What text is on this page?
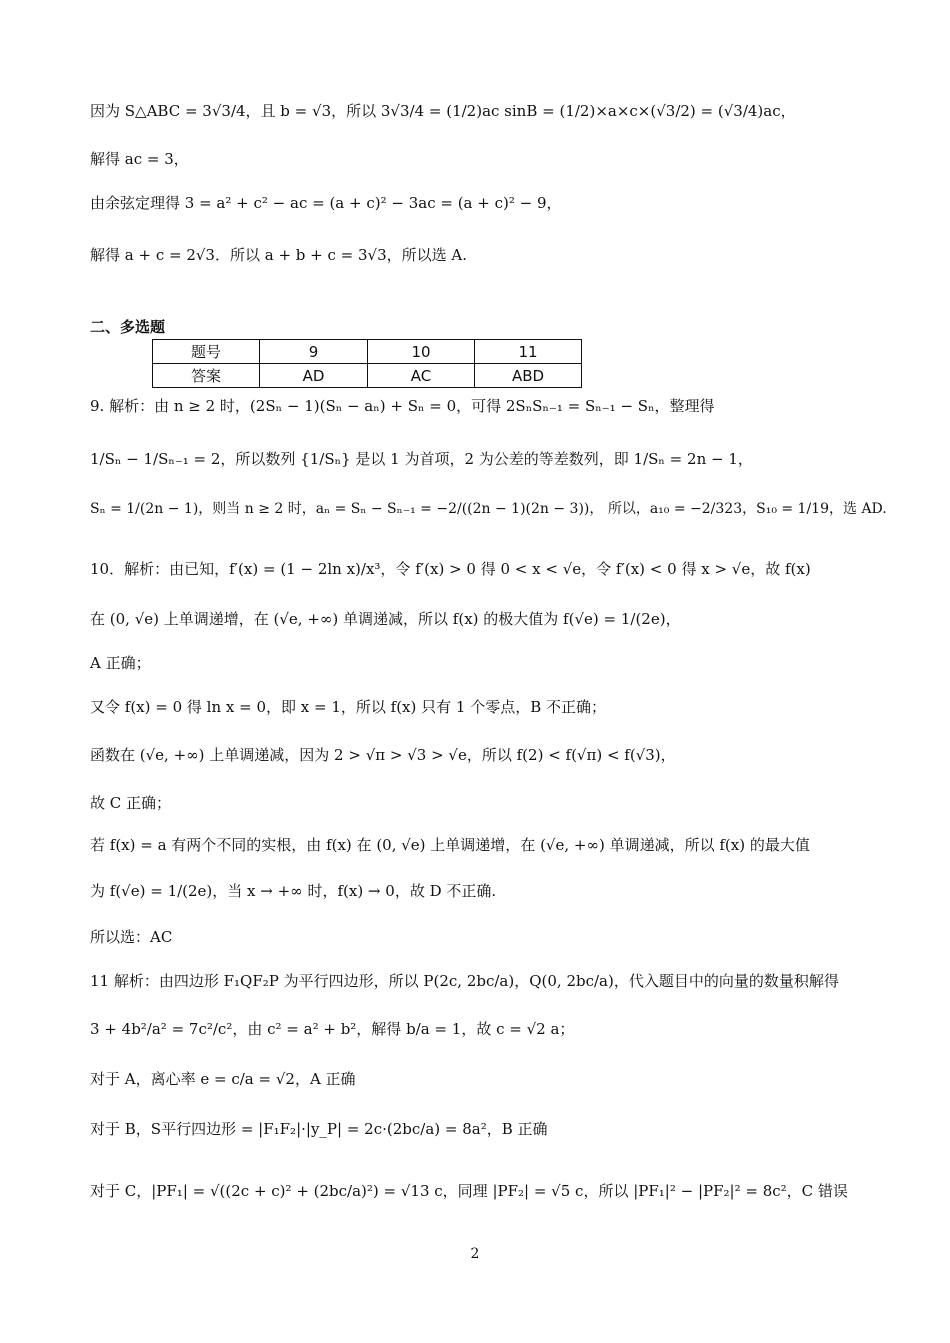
因为 S△ABC = 3√3/4，且 b = √3，所以 3√3/4 = (1/2)ac sinB = (1/2)×a×c×(√3/2) = (√3/4)ac，
解得 ac = 3，
由余弦定理得 3 = a² + c² − ac = (a + c)² − 3ac = (a + c)² − 9，
解得 a + c = 2√3．所以 a + b + c = 3√3，所以选 A.
二、多选题
题号	9	10	11
答案	AD	AC	ABD
9. 解析：由 n ≥ 2 时，(2Sₙ − 1)(Sₙ − aₙ) + Sₙ = 0，可得 2SₙSₙ₋₁ = Sₙ₋₁ − Sₙ，整理得
1/Sₙ − 1/Sₙ₋₁ = 2，所以数列 {1/Sₙ} 是以 1 为首项，2 为公差的等差数列，即 1/Sₙ = 2n − 1，
Sₙ = 1/(2n − 1)，则当 n ≥ 2 时，aₙ = Sₙ − Sₙ₋₁ = −2/((2n − 1)(2n − 3))， 所以，a₁₀ = −2/323，S₁₀ = 1/19，选 AD.
10．解析：由已知，f′(x) = (1 − 2ln x)/x³，令 f′(x) > 0 得 0 < x < √e，令 f′(x) < 0 得 x > √e，故 f(x)
在 (0, √e) 上单调递增，在 (√e, +∞) 单调递减，所以 f(x) 的极大值为 f(√e) = 1/(2e)，
A 正确；
又令 f(x) = 0 得 ln x = 0，即 x = 1，所以 f(x) 只有 1 个零点，B 不正确；
函数在 (√e, +∞) 上单调递减，因为 2 > √π > √3 > √e，所以 f(2) < f(√π) < f(√3)，
故 C 正确；
若 f(x) = a 有两个不同的实根，由 f(x) 在 (0, √e) 上单调递增，在 (√e, +∞) 单调递减，所以 f(x) 的最大值
为 f(√e) = 1/(2e)，当 x → +∞ 时，f(x) → 0，故 D 不正确.
所以选：AC
11 解析：由四边形 F₁QF₂P 为平行四边形，所以 P(2c, 2bc/a)，Q(0, 2bc/a)，代入题目中的向量的数量积解得
3 + 4b²/a² = 7c²/c²，由 c² = a² + b²，解得 b/a = 1，故 c = √2 a；
对于 A，离心率 e = c/a = √2，A 正确
对于 B，S平行四边形 = |F₁F₂|·|y_P| = 2c·(2bc/a) = 8a²，B 正确
对于 C，|PF₁| = √((2c + c)² + (2bc/a)²) = √13 c，同理 |PF₂| = √5 c，所以 |PF₁|² − |PF₂|² = 8c²，C 错误
2
